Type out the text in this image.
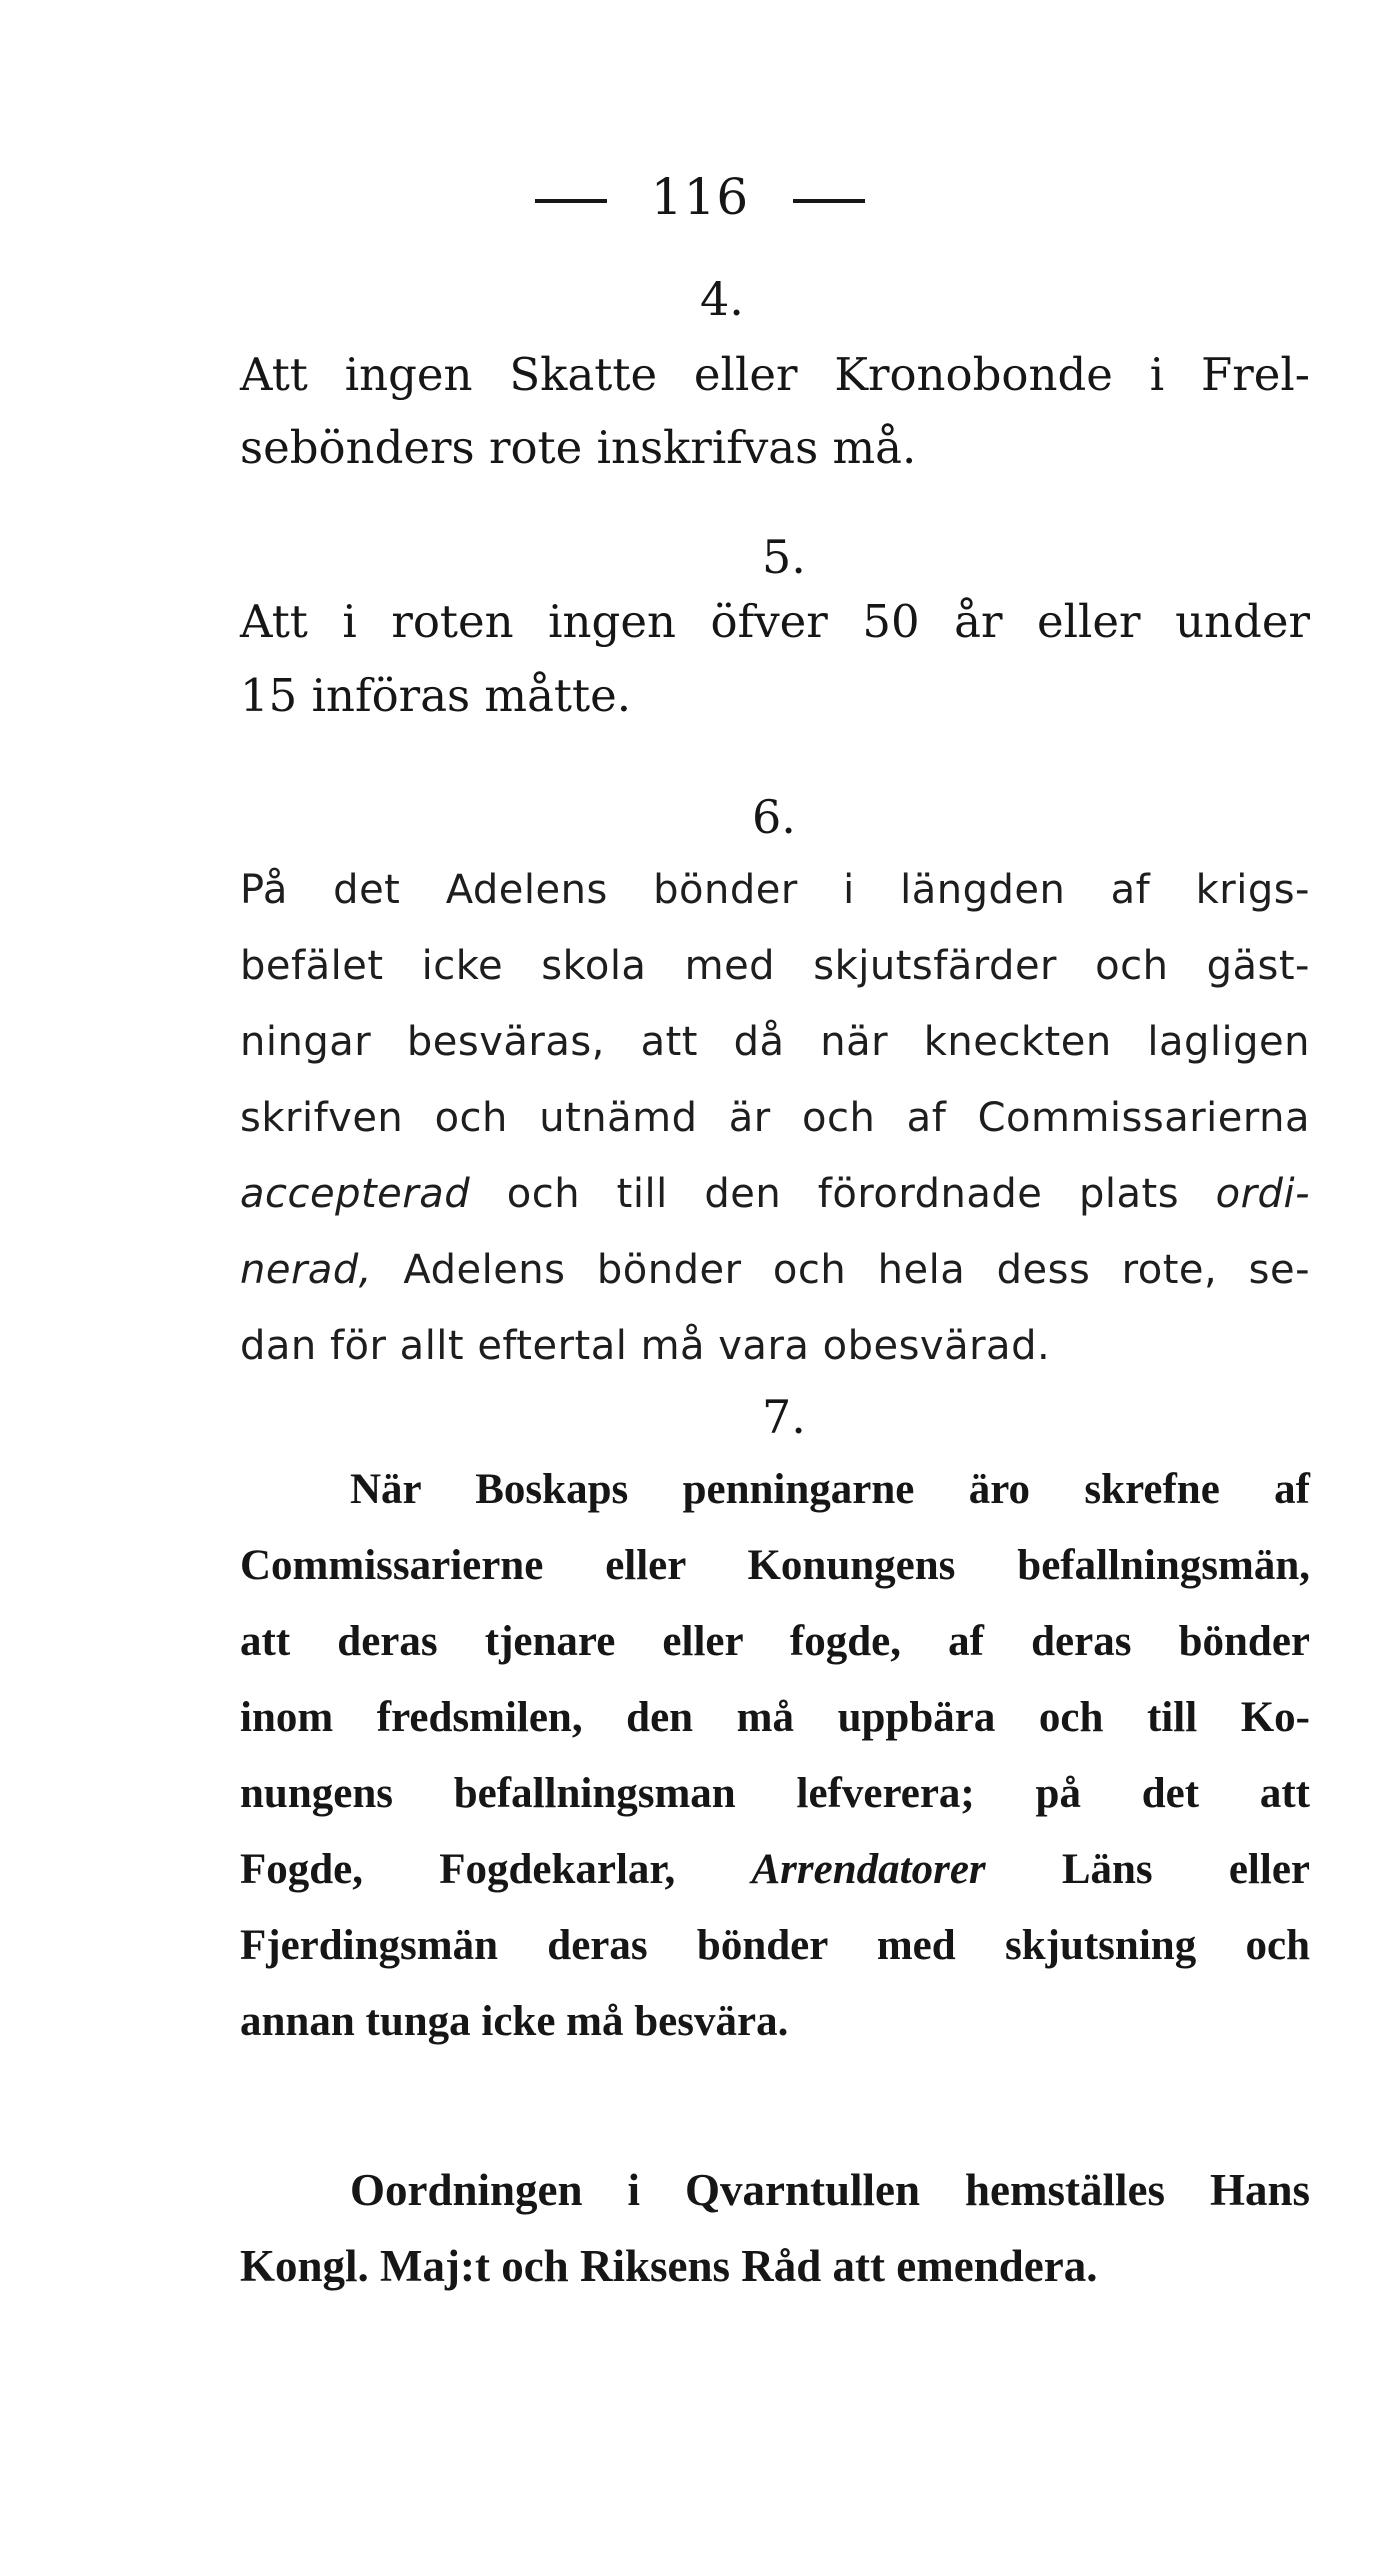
116
4.
Att ingen Skatte eller Kronobonde i Frel-
sebönders rote inskrifvas må.
5.
Att i roten ingen öfver 50 år eller under
15 införas måtte.
6.
På det Adelens bönder i längden af krigs-
befälet icke skola med skjutsfärder och gäst-
ningar besväras, att då när kneckten lagligen
skrifven och utnämd är och af Commissarierna
accepterad och till den förordnade plats ordi-
nerad, Adelens bönder och hela dess rote, se-
dan för allt eftertal må vara obesvärad.
7.
När Boskaps penningarne äro skrefne af
Commissarierne eller Konungens befallningsmän,
att deras tjenare eller fogde, af deras bönder
inom fredsmilen, den må uppbära och till Ko-
nungens befallningsman lefverera; på det att
Fogde, Fogdekarlar, Arrendatorer Läns eller
Fjerdingsmän deras bönder med skjutsning och
annan tunga icke må besvära.
Oordningen i Qvarntullen hemställes Hans
Kongl. Maj:t och Riksens Råd att emendera.
